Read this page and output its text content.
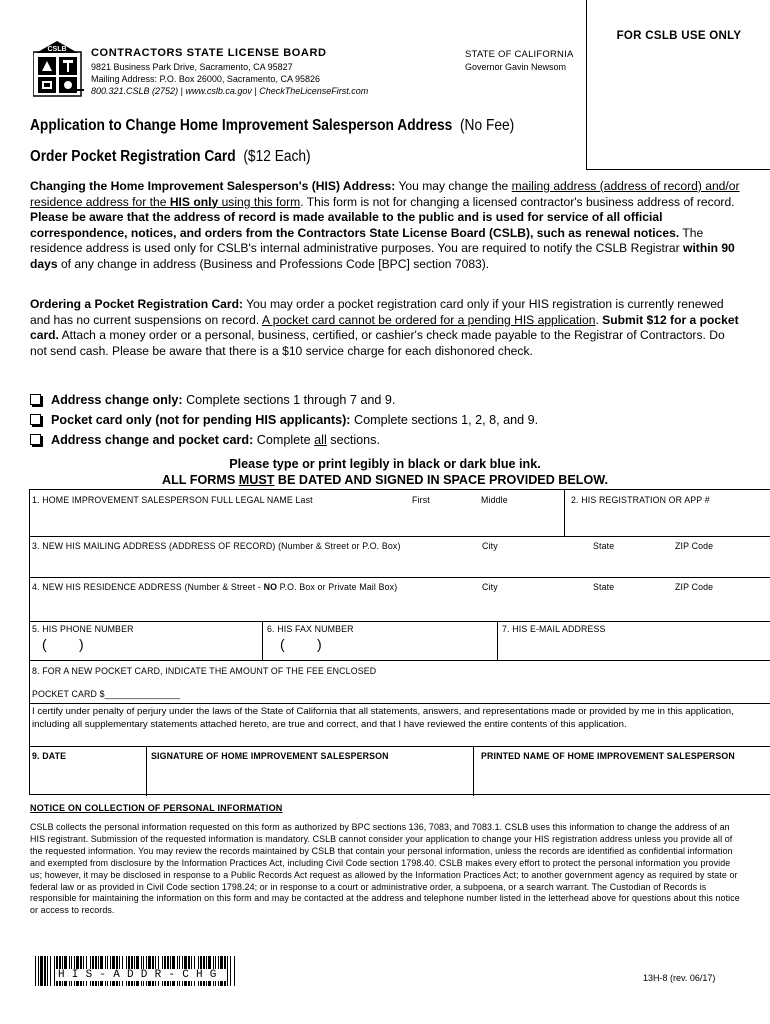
FOR CSLB USE ONLY
CSLB CONTRACTORS STATE LICENSE BOARD
9821 Business Park Drive, Sacramento, CA 95827
Mailing Address: P.O. Box 26000, Sacramento, CA 95826
800.321.CSLB (2752) | www.cslb.ca.gov | CheckTheLicenseFirst.com
STATE OF CALIFORNIA
Governor Gavin Newsom
Application to Change Home Improvement Salesperson Address (No Fee)
Order Pocket Registration Card ($12 Each)
Changing the Home Improvement Salesperson's (HIS) Address: You may change the mailing address (address of record) and/or residence address for the HIS only using this form. This form is not for changing a licensed contractor's business address of record. Please be aware that the address of record is made available to the public and is used for service of all official correspondence, notices, and orders from the Contractors State License Board (CSLB), such as renewal notices. The residence address is used only for CSLB's internal administrative purposes. You are required to notify the CSLB Registrar within 90 days of any change in address (Business and Professions Code [BPC] section 7083).
Ordering a Pocket Registration Card: You may order a pocket registration card only if your HIS registration is currently renewed and has no current suspensions on record. A pocket card cannot be ordered for a pending HIS application. Submit $12 for a pocket card. Attach a money order or a personal, business, certified, or cashier's check made payable to the Registrar of Contractors. Do not send cash. Please be aware that there is a $10 service charge for each dishonored check.
Address change only: Complete sections 1 through 7 and 9.
Pocket card only (not for pending HIS applicants): Complete sections 1, 2, 8, and 9.
Address change and pocket card: Complete all sections.
Please type or print legibly in black or dark blue ink.
ALL FORMS MUST BE DATED AND SIGNED IN SPACE PROVIDED BELOW.
1. HOME IMPROVEMENT SALESPERSON FULL LEGAL NAME Last	First	Middle	2. HIS REGISTRATION OR APP #
3. NEW HIS MAILING ADDRESS (ADDRESS OF RECORD) (Number & Street or P.O. Box)	City	State	ZIP Code
4. NEW HIS RESIDENCE ADDRESS (Number & Street - NO P.O. Box or Private Mail Box)	City	State	ZIP Code
5. HIS PHONE NUMBER
( )
6. HIS FAX NUMBER
( )
7. HIS E-MAIL ADDRESS
8. FOR A NEW POCKET CARD, INDICATE THE AMOUNT OF THE FEE ENCLOSED
POCKET CARD $_______________
I certify under penalty of perjury under the laws of the State of California that all statements, answers, and representations made or provided by me in this application, including all supplementary statements attached hereto, are true and correct, and that I have reviewed the entire contents of this application.
9. DATE	SIGNATURE OF HOME IMPROVEMENT SALESPERSON	PRINTED NAME OF HOME IMPROVEMENT SALESPERSON
NOTICE ON COLLECTION OF PERSONAL INFORMATION
CSLB collects the personal information requested on this form as authorized by BPC sections 136, 7083, and 7083.1. CSLB uses this information to change the address of an HIS registrant. Submission of the requested information is mandatory. CSLB cannot consider your application to change your HIS registration address unless you provide all of the requested information. You may review the records maintained by CSLB that contain your personal information, unless the records are identified as confidential information and exempted from disclosure by the Information Practices Act, including Civil Code section 1798.40. CSLB makes every effort to protect the personal information you provide us; however, it may be disclosed in response to a Public Records Act request as allowed by the Information Practices Act; to another government agency as required by state or federal law or as provided in Civil Code section 1798.24; or in response to a court or administrative order, a subpoena, or a search warrant. The Custodian of Records is responsible for maintaining the information on this form and may be contacted at the address and telephone number listed in the letterhead above for questions about this notice or access to records.
HIS-ADDR-CHG	13H-8 (rev. 06/17)
